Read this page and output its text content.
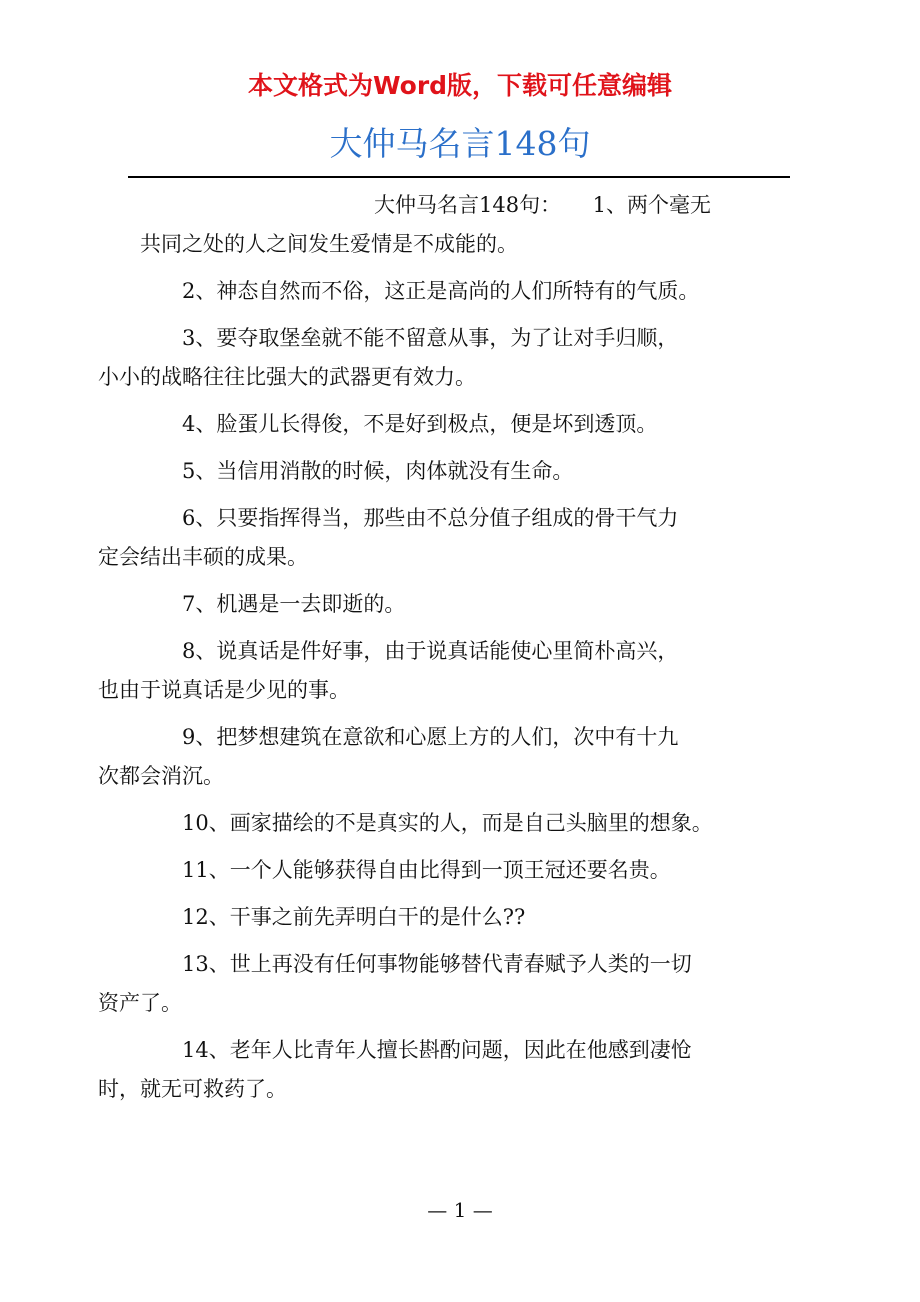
本文格式为Word版，下载可任意编辑
大仲马名言148句
大仲马名言148句：　　1、两个毫无
共同之处的人之间发生爱情是不成能的。
2、神态自然而不俗，这正是高尚的人们所特有的气质。
3、要夺取堡垒就不能不留意从事，为了让对手归顺，
小小的战略往往比强大的武器更有效力。
4、脸蛋儿长得俊，不是好到极点，便是坏到透顶。
5、当信用消散的时候，肉体就没有生命。
6、只要指挥得当，那些由不总分值子组成的骨干气力
定会结出丰硕的成果。
7、机遇是一去即逝的。
8、说真话是件好事，由于说真话能使心里简朴高兴，
也由于说真话是少见的事。
9、把梦想建筑在意欲和心愿上方的人们，次中有十九
次都会消沉。
10、画家描绘的不是真实的人，而是自己头脑里的想象。
11、一个人能够获得自由比得到一顶王冠还要名贵。
12、干事之前先弄明白干的是什么??
13、世上再没有任何事物能够替代青春赋予人类的一切
资产了。
14、老年人比青年人擅长斟酌问题，因此在他感到凄怆
时，就无可救药了。
— 1 —
